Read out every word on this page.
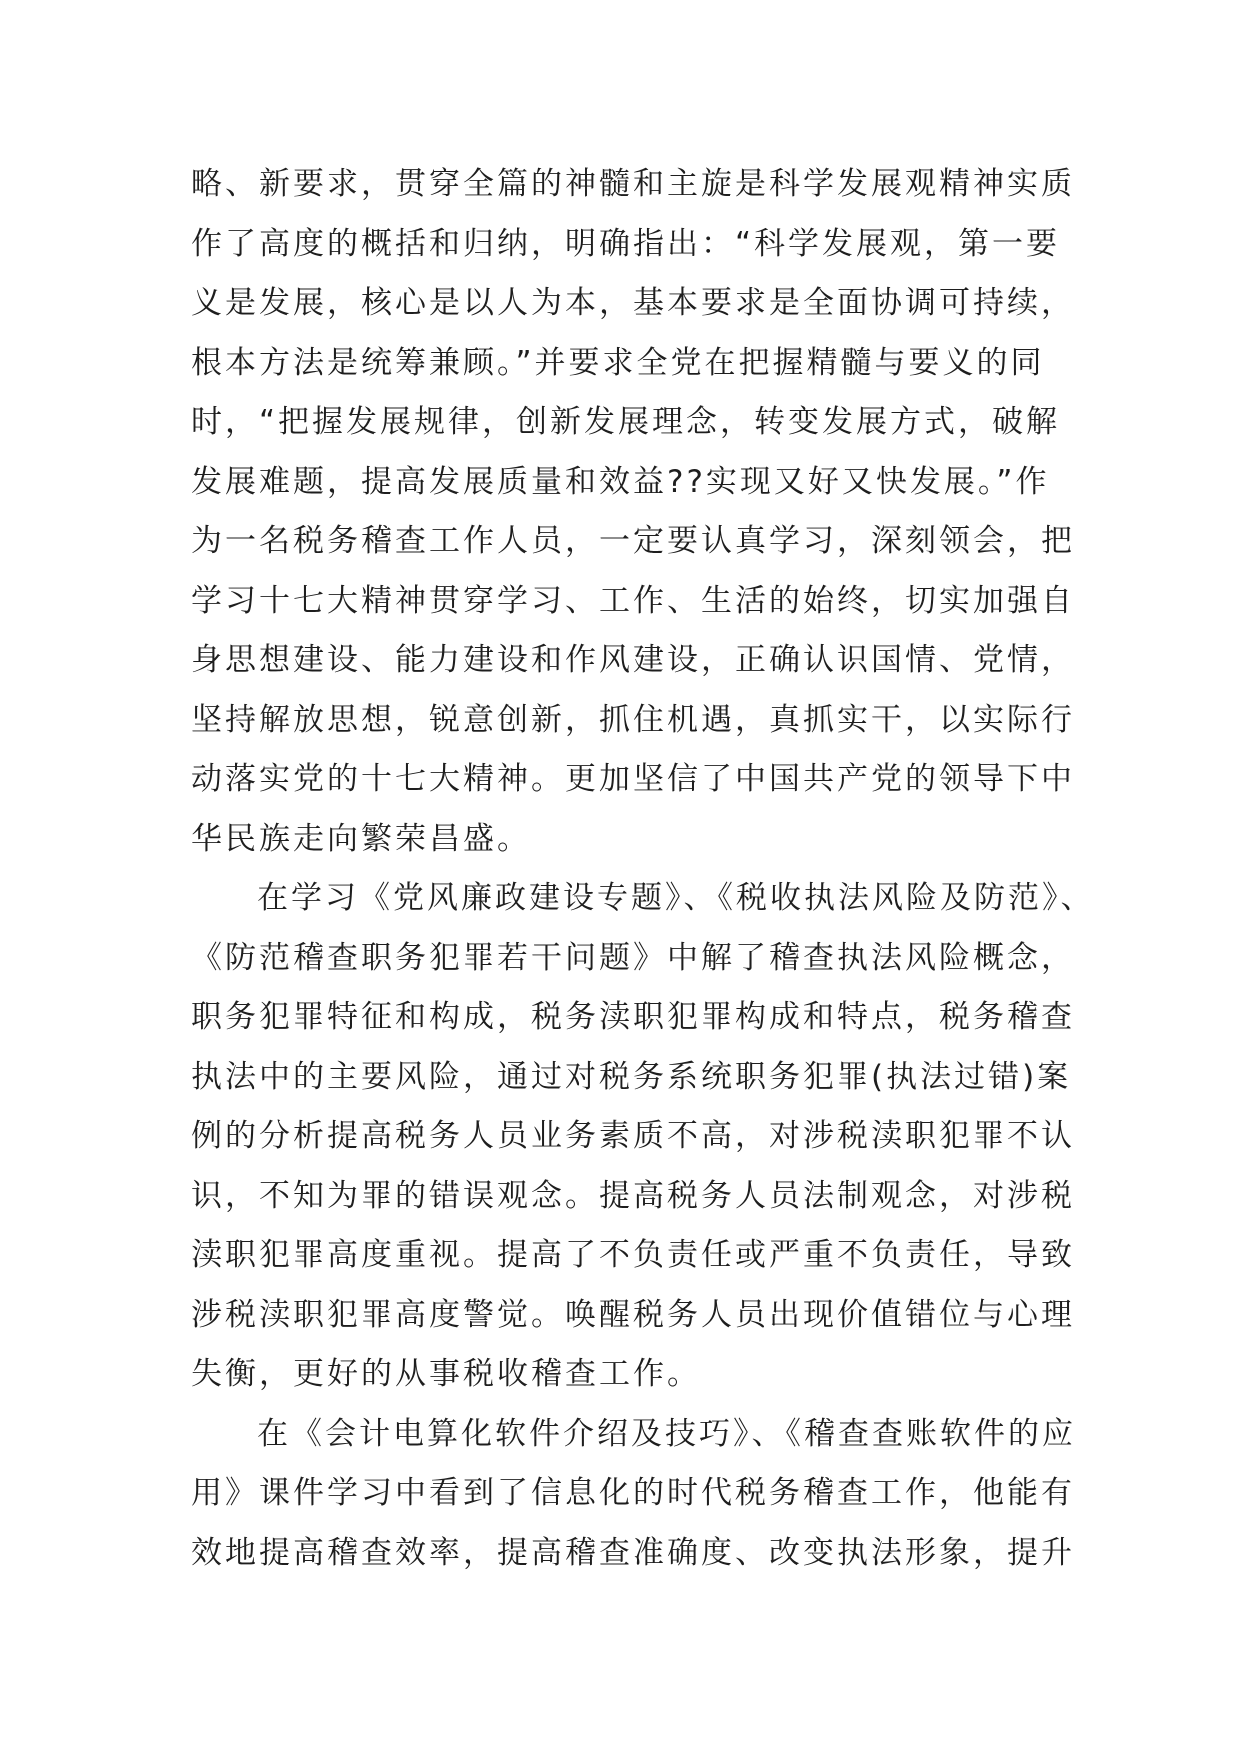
略、新要求，贯穿全篇的神髓和主旋是科学发展观精神实质
作了高度的概括和归纳，明确指出：“科学发展观，第一要
义是发展，核心是以人为本，基本要求是全面协调可持续，
根本方法是统筹兼顾。”并要求全党在把握精髓与要义的同
时，“把握发展规律，创新发展理念，转变发展方式，破解
发展难题，提高发展质量和效益??实现又好又快发展。”作
为一名税务稽查工作人员，一定要认真学习，深刻领会，把
学习十七大精神贯穿学习、工作、生活的始终，切实加强自
身思想建设、能力建设和作风建设，正确认识国情、党情，
坚持解放思想，锐意创新，抓住机遇，真抓实干，以实际行
动落实党的十七大精神。更加坚信了中国共产党的领导下中
华民族走向繁荣昌盛。
在学习《党风廉政建设专题》、《税收执法风险及防范》、
《防范稽查职务犯罪若干问题》中解了稽查执法风险概念，
职务犯罪特征和构成，税务渎职犯罪构成和特点，税务稽查
执法中的主要风险，通过对税务系统职务犯罪(执法过错)案
例的分析提高税务人员业务素质不高，对涉税渎职犯罪不认
识，不知为罪的错误观念。提高税务人员法制观念，对涉税
渎职犯罪高度重视。提高了不负责任或严重不负责任，导致
涉税渎职犯罪高度警觉。唤醒税务人员出现价值错位与心理
失衡，更好的从事税收稽查工作。
在《会计电算化软件介绍及技巧》、《稽查查账软件的应
用》课件学习中看到了信息化的时代税务稽查工作，他能有
效地提高稽查效率，提高稽查准确度、改变执法形象，提升
